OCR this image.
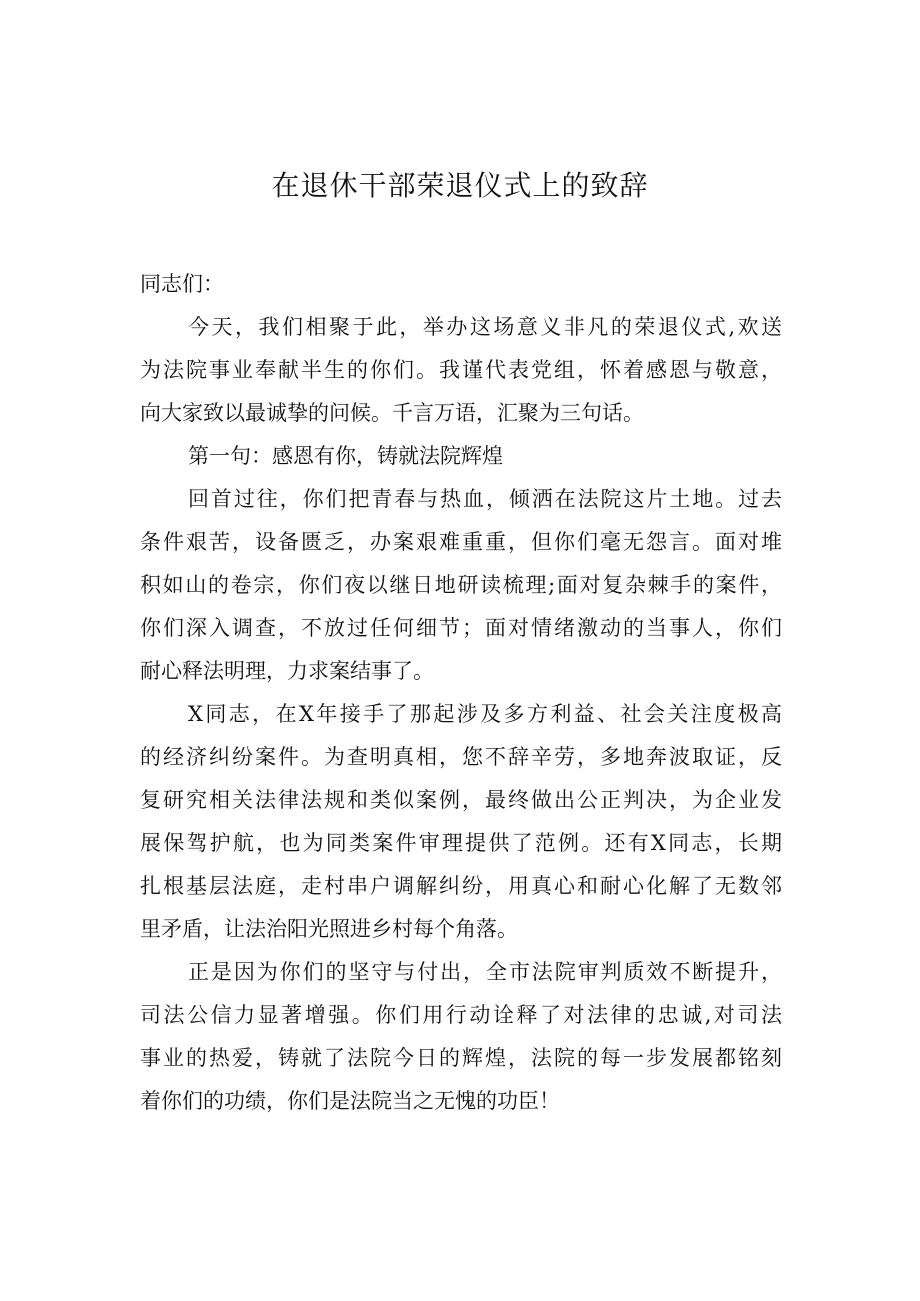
在退休干部荣退仪式上的致辞

同志们：

今天，我们相聚于此，举办这场意义非凡的荣退仪式,欢送
为法院事业奉献半生的你们。我谨代表党组，怀着感恩与敬意，
向大家致以最诚挚的问候。千言万语，汇聚为三句话。

第一句：感恩有你，铸就法院辉煌

回首过往，你们把青春与热血，倾洒在法院这片土地。过去
条件艰苦，设备匮乏，办案艰难重重，但你们毫无怨言。面对堆
积如山的卷宗，你们夜以继日地研读梳理;面对复杂棘手的案件，
你们深入调查，不放过任何细节；面对情绪激动的当事人，你们
耐心释法明理，力求案结事了。

X同志，在X年接手了那起涉及多方利益、社会关注度极高
的经济纠纷案件。为查明真相，您不辞辛劳，多地奔波取证，反
复研究相关法律法规和类似案例，最终做出公正判决，为企业发
展保驾护航，也为同类案件审理提供了范例。还有X同志，长期
扎根基层法庭，走村串户调解纠纷，用真心和耐心化解了无数邻
里矛盾，让法治阳光照进乡村每个角落。

正是因为你们的坚守与付出，全市法院审判质效不断提升，
司法公信力显著增强。你们用行动诠释了对法律的忠诚,对司法
事业的热爱，铸就了法院今日的辉煌，法院的每一步发展都铭刻
着你们的功绩，你们是法院当之无愧的功臣！
